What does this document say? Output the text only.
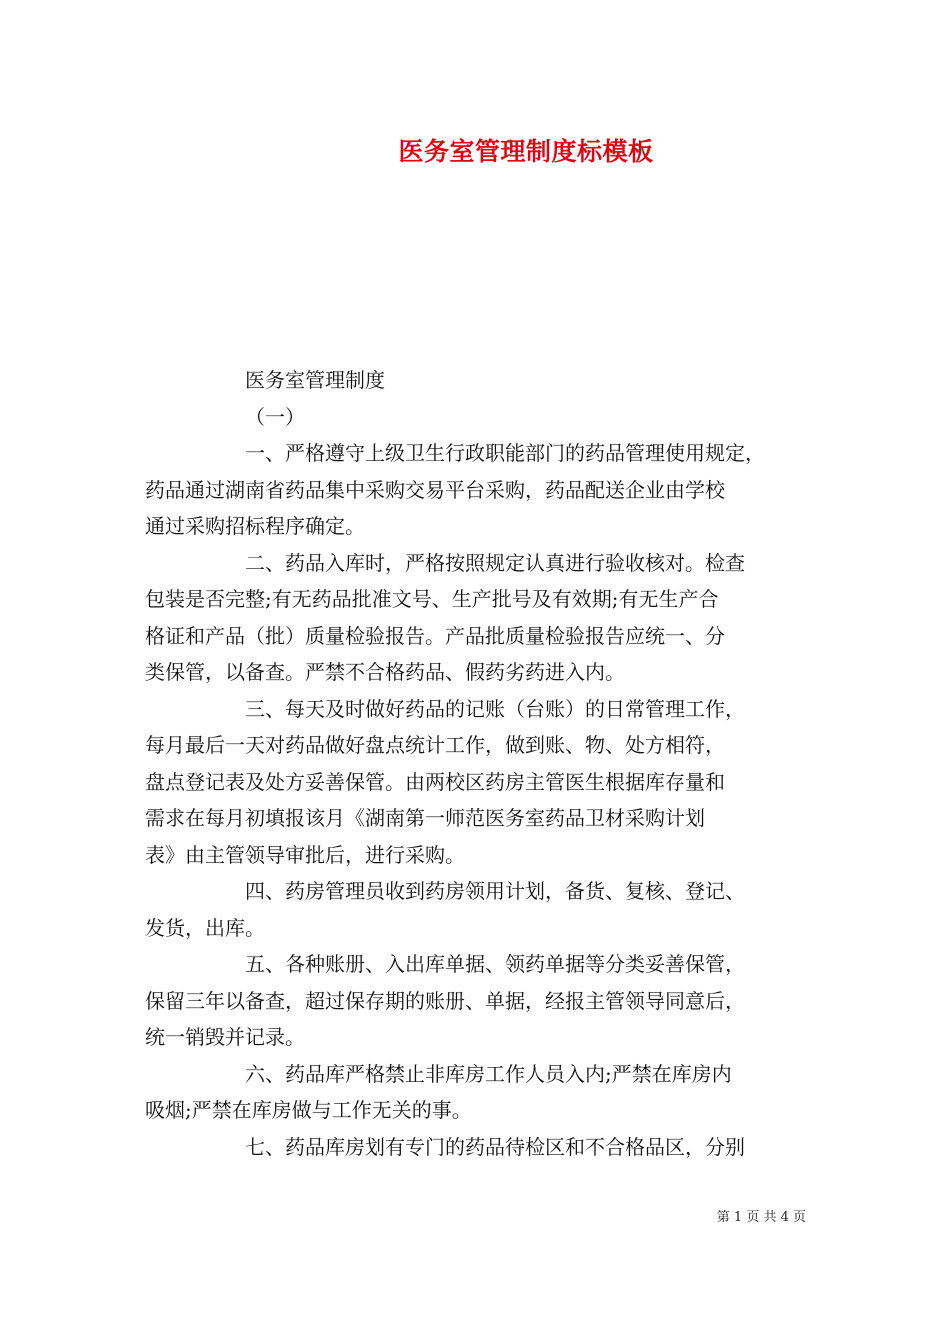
医务室管理制度标模板
医务室管理制度
（一）
一、严格遵守上级卫生行政职能部门的药品管理使用规定，
药品通过湖南省药品集中采购交易平台采购，药品配送企业由学校
通过采购招标程序确定。
二、药品入库时，严格按照规定认真进行验收核对。检查
包装是否完整;有无药品批准文号、生产批号及有效期;有无生产合
格证和产品（批）质量检验报告。产品批质量检验报告应统一、分
类保管，以备查。严禁不合格药品、假药劣药进入内。
三、每天及时做好药品的记账（台账）的日常管理工作，
每月最后一天对药品做好盘点统计工作，做到账、物、处方相符，
盘点登记表及处方妥善保管。由两校区药房主管医生根据库存量和
需求在每月初填报该月《湖南第一师范医务室药品卫材采购计划
表》由主管领导审批后，进行采购。
四、药房管理员收到药房领用计划，备货、复核、登记、
发货，出库。
五、各种账册、入出库单据、领药单据等分类妥善保管，
保留三年以备查，超过保存期的账册、单据，经报主管领导同意后，
统一销毁并记录。
六、药品库严格禁止非库房工作人员入内;严禁在库房内
吸烟;严禁在库房做与工作无关的事。
七、药品库房划有专门的药品待检区和不合格品区，分别
第 1 页 共 4 页
